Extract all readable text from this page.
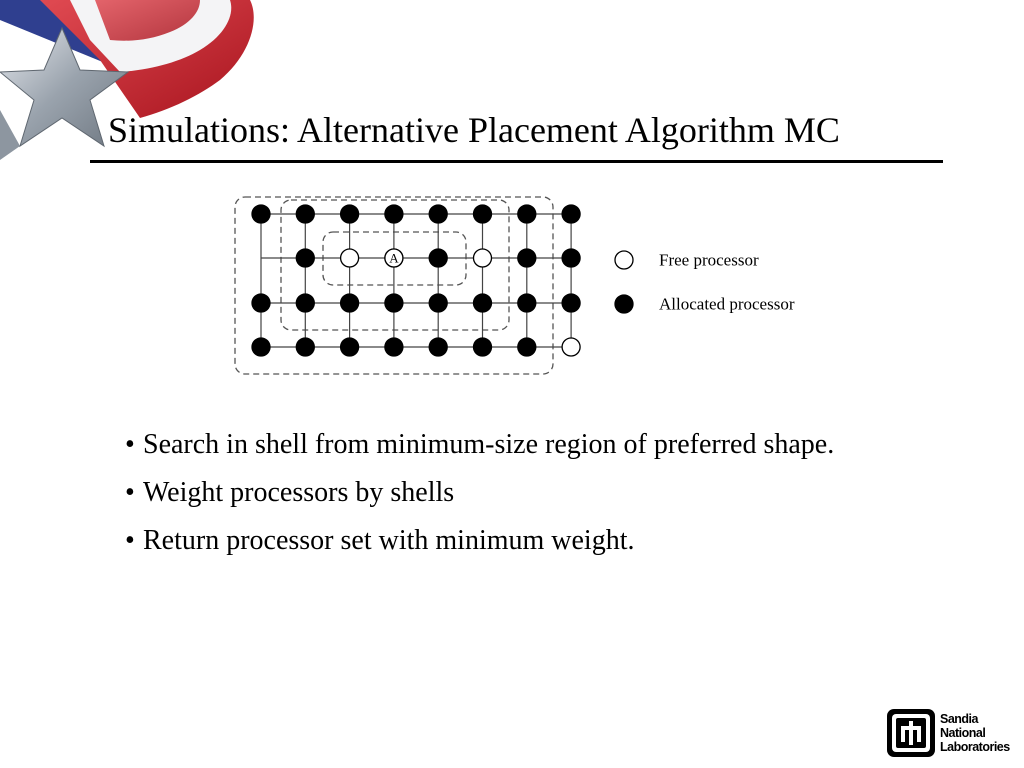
Simulations: Alternative Placement Algorithm MC
A	Free processor
Allocated processor
• Search in shell from minimum-size region of preferred shape.
• Weight processors by shells
• Return processor set with minimum weight.
Sandia
National
Laboratories
